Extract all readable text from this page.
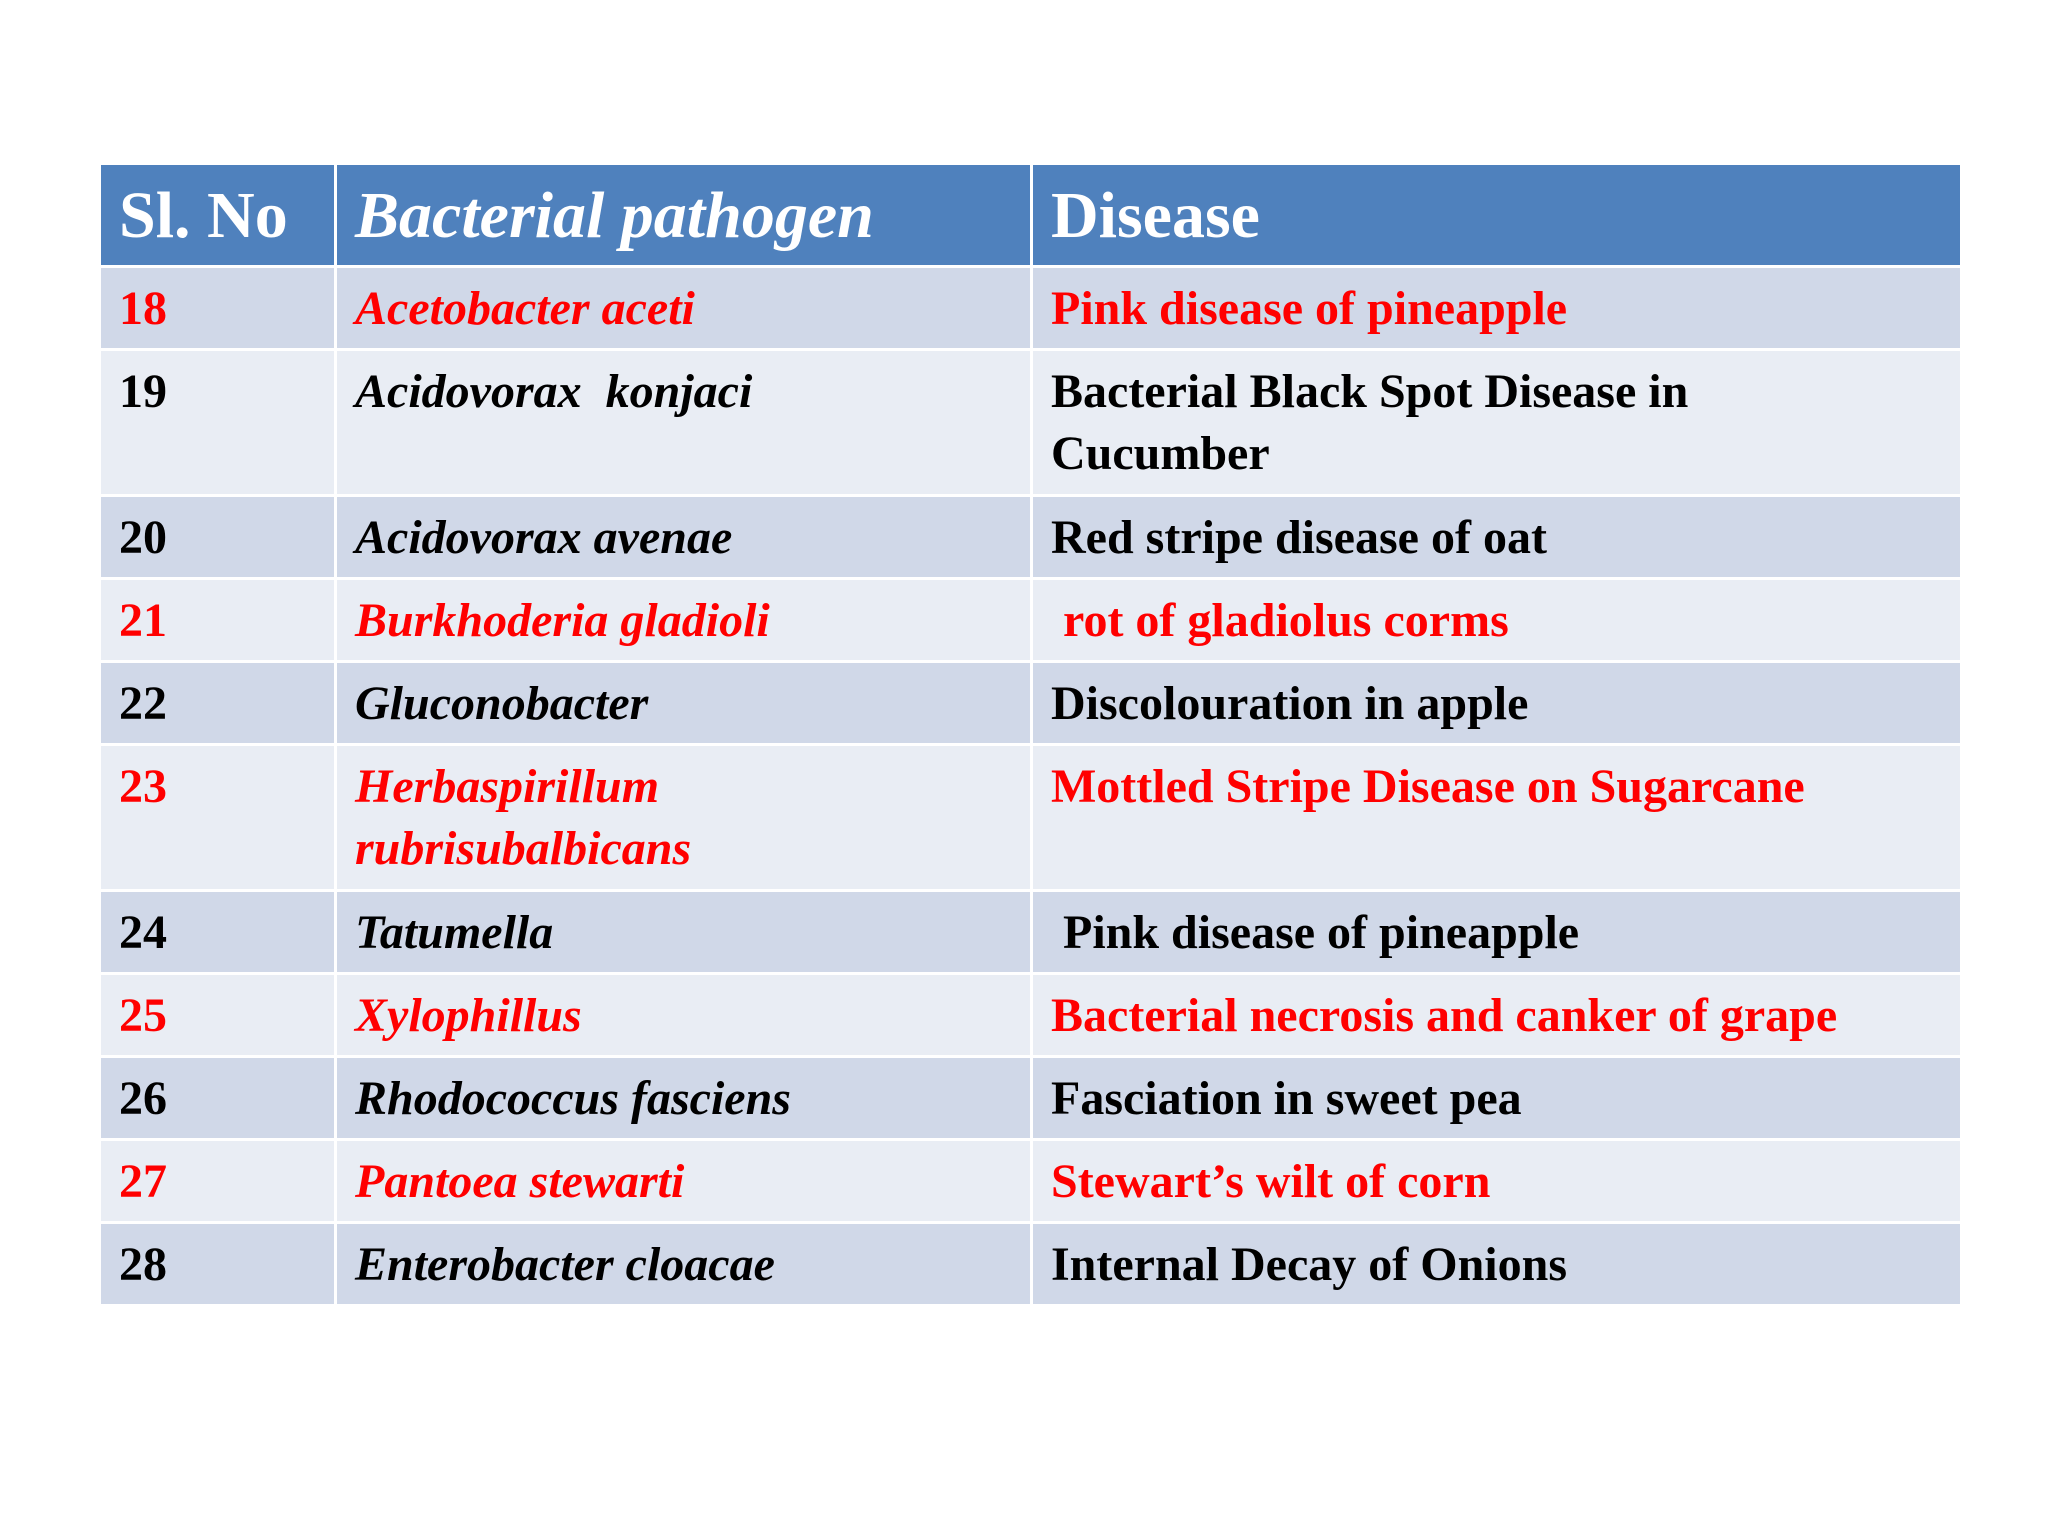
Sl. No	Bacterial pathogen	Disease
18	Acetobacter aceti	Pink disease of pineapple
19	Acidovorax  konjaci	Bacterial Black Spot Disease in Cucumber
20	Acidovorax avenae	Red stripe disease of oat
21	Burkhoderia gladioli	rot of gladiolus corms
22	Gluconobacter	Discolouration in apple
23	Herbaspirillum rubrisubalbicans	Mottled Stripe Disease on Sugarcane
24	Tatumella	Pink disease of pineapple
25	Xylophillus	Bacterial necrosis and canker of grape
26	Rhodococcus fasciens	Fasciation in sweet pea
27	Pantoea stewarti	Stewart’s wilt of corn
28	Enterobacter cloacae	Internal Decay of Onions
